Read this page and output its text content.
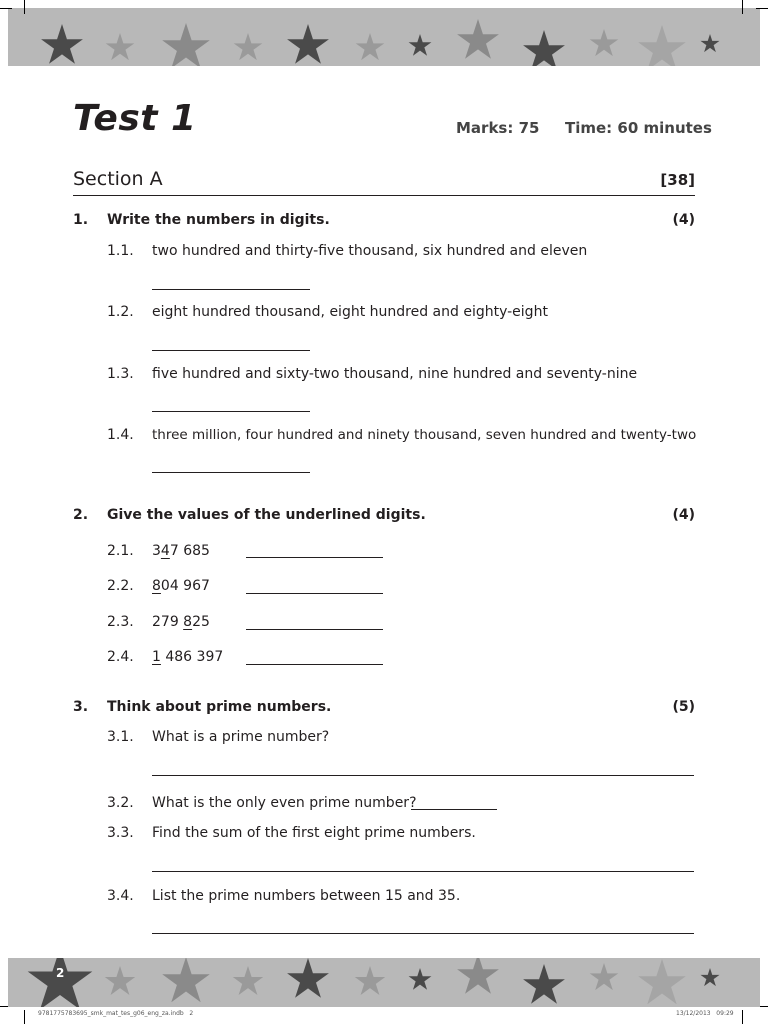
Test 1	Marks: 75 Time: 60 minutes
Section A	[38]
1. Write the numbers in digits.	(4)
1.1. two hundred and thirty-five thousand, six hundred and eleven
1.2. eight hundred thousand, eight hundred and eighty-eight
1.3. five hundred and sixty-two thousand, nine hundred and seventy-nine
1.4. three million, four hundred and ninety thousand, seven hundred and twenty-two
2. Give the values of the underlined digits.	(4)
2.1. 347 685
2.2. 804 967
2.3. 279 825
2.4. 1 486 397
3. Think about prime numbers.	(5)
3.1. What is a prime number?
3.2. What is the only even prime number?
3.3. Find the sum of the first eight prime numbers.
3.4. List the prime numbers between 15 and 35.
2
9781775783695_smk_mat_tes_g06_eng_za.indb   2	13/12/2013   09:29
